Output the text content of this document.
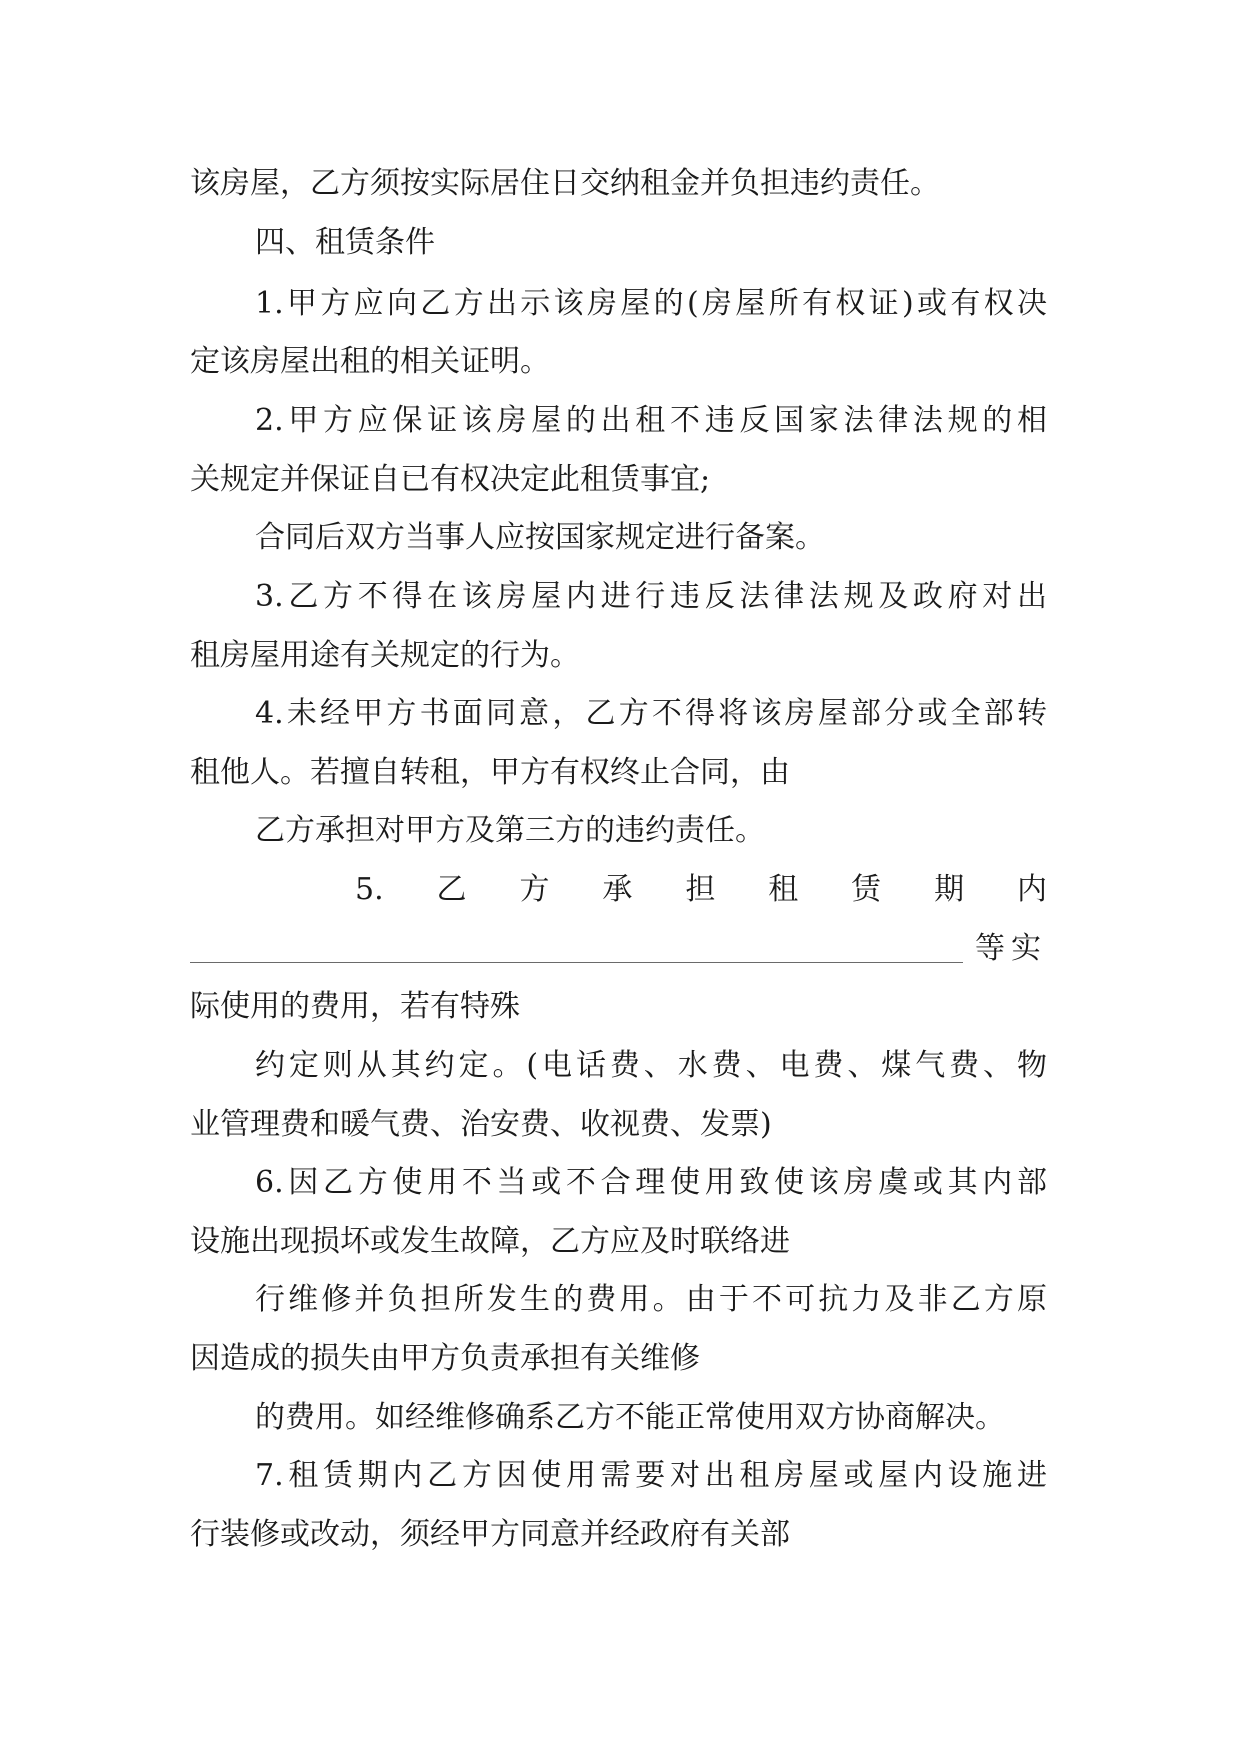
该房屋，乙方须按实际居住日交纳租金并负担违约责任。
四、租赁条件
1.甲方应向乙方出示该房屋的(房屋所有权证)或有权决
定该房屋出租的相关证明。
2.甲方应保证该房屋的出租不违反国家法律法规的相
关规定并保证自已有权决定此租赁事宜;
合同后双方当事人应按国家规定进行备案。
3.乙方不得在该房屋内进行违反法律法规及政府对出
租房屋用途有关规定的行为。
4.未经甲方书面同意，乙方不得将该房屋部分或全部转
租他人。若擅自转租，甲方有权终止合同，由
乙方承担对甲方及第三方的违约责任。
5. 乙 方 承 担 租 赁 期 内
等实
际使用的费用，若有特殊
约定则从其约定。(电话费、水费、电费、煤气费、物
业管理费和暖气费、治安费、收视费、发票)
6.因乙方使用不当或不合理使用致使该房虞或其内部
设施出现损坏或发生故障，乙方应及时联络进
行维修并负担所发生的费用。由于不可抗力及非乙方原
因造成的损失由甲方负责承担有关维修
的费用。如经维修确系乙方不能正常使用双方协商解决。
7.租赁期内乙方因使用需要对出租房屋或屋内设施进
行装修或改动，须经甲方同意并经政府有关部
